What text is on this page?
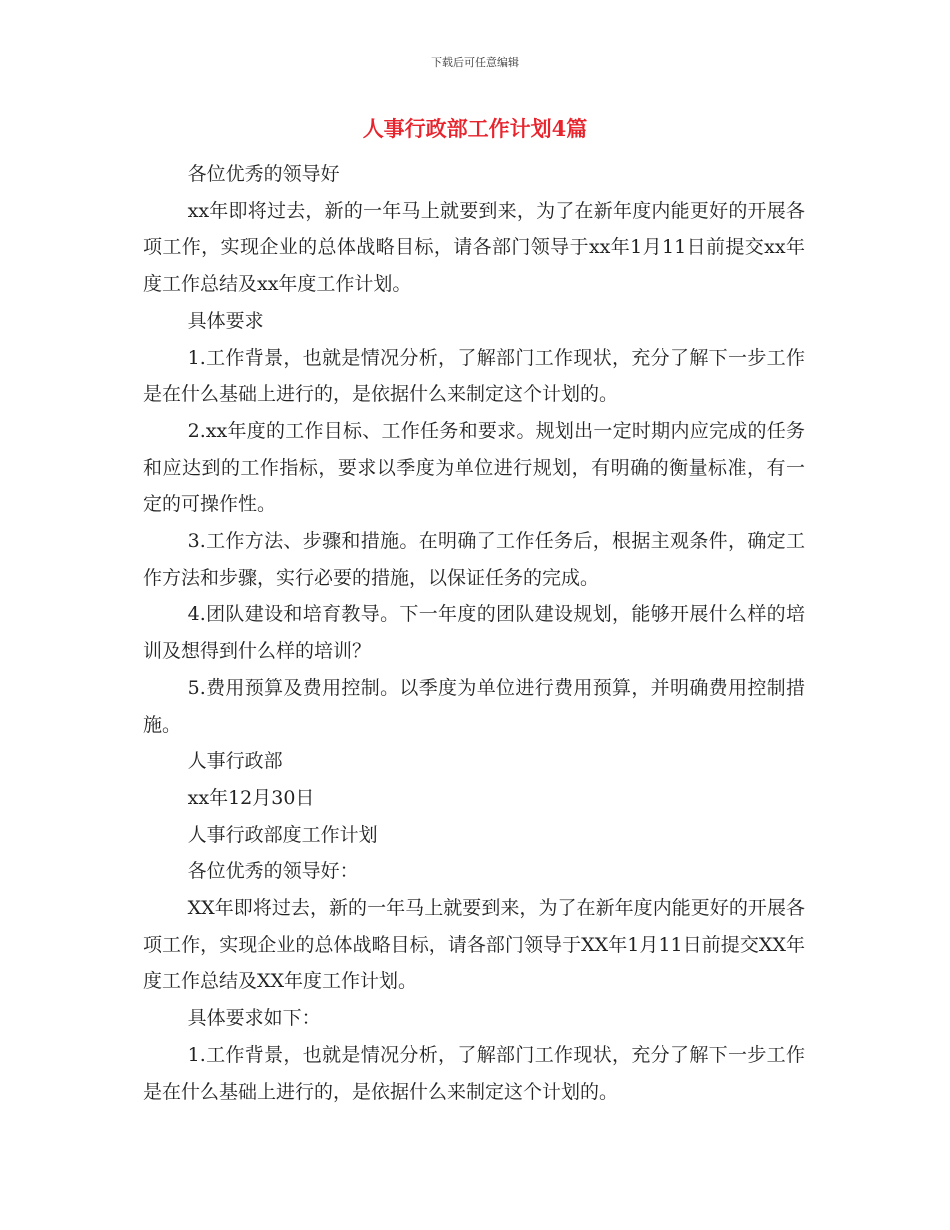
下载后可任意编辑
人事行政部工作计划4篇

各位优秀的领导好

xx年即将过去，新的一年马上就要到来，为了在新年度内能更好的开展各项工作，实现企业的总体战略目标，请各部门领导于xx年1月11日前提交xx年度工作总结及xx年度工作计划。

具体要求

1.工作背景，也就是情况分析，了解部门工作现状，充分了解下一步工作是在什么基础上进行的，是依据什么来制定这个计划的。

2.xx年度的工作目标、工作任务和要求。规划出一定时期内应完成的任务和应达到的工作指标，要求以季度为单位进行规划，有明确的衡量标准，有一定的可操作性。

3.工作方法、步骤和措施。在明确了工作任务后，根据主观条件，确定工作方法和步骤，实行必要的措施，以保证任务的完成。

4.团队建设和培育教导。下一年度的团队建设规划，能够开展什么样的培训及想得到什么样的培训？

5.费用预算及费用控制。以季度为单位进行费用预算，并明确费用控制措施。

人事行政部

xx年12月30日

人事行政部度工作计划

各位优秀的领导好：

XX年即将过去，新的一年马上就要到来，为了在新年度内能更好的开展各项工作，实现企业的总体战略目标，请各部门领导于XX年1月11日前提交XX年度工作总结及XX年度工作计划。

具体要求如下：

1.工作背景，也就是情况分析，了解部门工作现状，充分了解下一步工作是在什么基础上进行的，是依据什么来制定这个计划的。
